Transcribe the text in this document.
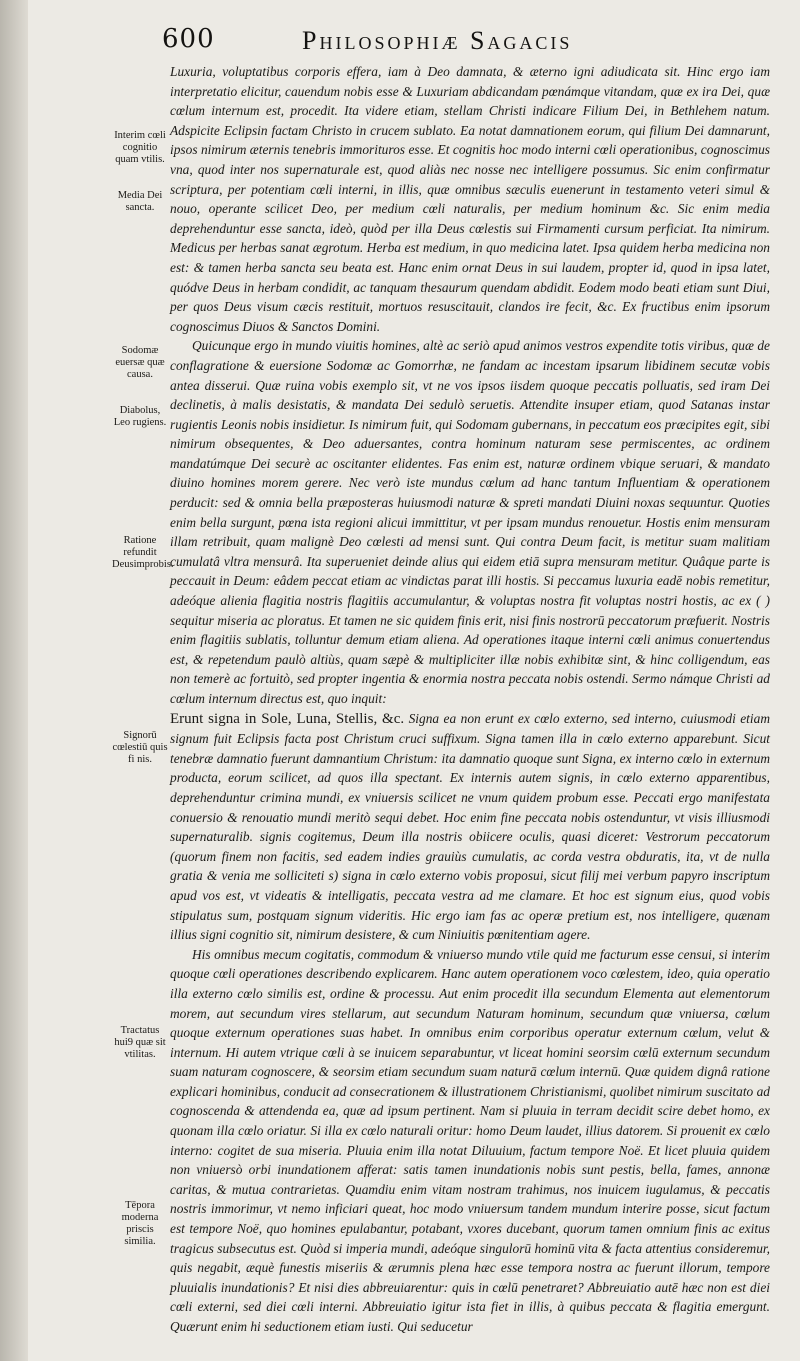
600	Philosophiæ Sagacis
Interim cœli cognitio quam vtilis.
Media Dei sancta.
Sodomæ euersæ quæ causa.
Diabolus, Leo rugiens.
Ratione refundit Deusimprobis.
Signorū cœlestiū quis fi nis.
Tractatus hui9 quæ sit vtilitas.
Tēpora moderna priscis similia.

Luxuria, voluptatibus corporis effera, iam à Deo damnata, & æterno igni adiudicata sit. Hinc ergo iam interpretatio elicitur, cauendum nobis esse & Luxuriam abdicandam pœnámque vitandam, quæ ex ira Dei, quæ cœlum internum est, procedit. Ita videre etiam, stellam Christi indicare Filium Dei, in Bethlehem natum. Adspicite Eclipsin factam Christo in crucem sublato. Ea notat damnationem eorum, qui filium Dei damnarunt, ipsos nimirum æternis tenebris immorituros esse. Et cognitis hoc modo interni cœli operationibus, cognoscimus vna, quod inter nos supernaturale est, quod aliàs nec nosse nec intelligere possumus. Sic enim confirmatur scriptura, per potentiam cœli interni, in illis, quæ omnibus sæculis euenerunt in testamento veteri simul & nouo, operante scilicet Deo, per medium cœli naturalis, per medium hominum &c. Sic enim media deprehenduntur esse sancta, ideò, quòd per illa Deus cœlestis sui Firmamenti cursum perficiat. Ita nimirum. Medicus per herbas sanat ægrotum. Herba est medium, in quo medicina latet. Ipsa quidem herba medicina non est: & tamen herba sancta seu beata est. Hanc enim ornat Deus in sui laudem, propter id, quod in ipsa latet, quódve Deus in herbam condidit, ac tanquam thesaurum quendam abdidit. Eodem modo beati etiam sunt Diui, per quos Deus visum cæcis restituit, mortuos resuscitauit, clandos ire fecit, &c. Ex fructibus enim ipsorum cognoscimus Diuos & Sanctos Domini.

Quicunque ergo in mundo viuitis homines, altè ac seriò apud animos vestros expendite totis viribus, quæ de conflagratione & euersione Sodomæ ac Gomorrhæ, ne fandam ac incestam ipsarum libidinem secutæ vobis antea disserui. Quæ ruina vobis exemplo sit, vt ne vos ipsos iisdem quoque peccatis polluatis, sed iram Dei declinetis, à malis desistatis, & mandata Dei sedulò seruetis. Attendite insuper etiam, quod Satanas instar rugientis Leonis nobis insidietur. Is nimirum fuit, qui Sodomam gubernans, in peccatum eos præcipites egit, sibi nimirum obsequentes, & Deo aduersantes, contra hominum naturam sese permiscentes, ac ordinem mandatúmque Dei securè ac oscitanter elidentes. Fas enim est, naturæ ordinem vbique seruari, & mandato diuino homines morem gerere. Nec verò iste mundus cœlum ad hanc tantum Influentiam & operationem perducit: sed & omnia bella præposteras huiusmodi naturæ & spreti mandati Diuini noxas sequuntur. Quoties enim bella surgunt, pœna ista regioni alicui immittitur, vt per ipsam mundus renouetur. Hostis enim mensuram illam retribuit, quam malignè Deo cœlesti ad mensi sunt. Qui contra Deum facit, is metitur suam malitiam cumulatâ vltra mensurâ. Ita superueniet deinde alius qui eidem etiā supra mensuram metitur. Quâque parte is peccauit in Deum: eâdem peccat etiam ac vindictas parat illi hostis. Si peccamus luxuria eadē nobis remetitur, adeóque alienia flagitia nostris flagitiis accumulantur, & voluptas nostra fit voluptas nostri hostis, ac ex ( ) sequitur miseria ac ploratus. Et tamen ne sic quidem finis erit, nisi finis nostrorū peccatorum præfuerit. Nostris enim flagitiis sublatis, tolluntur demum etiam aliena. Ad operationes itaque interni cœli animus conuertendus est, & repetendum paulò altiùs, quam sæpè & multipliciter illæ nobis exhibitæ sint, & hinc colligendum, eas non temerè ac fortuitò, sed propter ingentia & enormia nostra peccata nobis ostendi. Sermo námque Christi ad cœlum internum directus est, quo inquit:
Erunt signa in Sole, Luna, Stellis, &c. Signa ea non erunt ex cœlo externo, sed interno, cuiusmodi etiam signum fuit Eclipsis facta post Christum cruci suffixum. Signa tamen illa in cœlo externo apparebunt. Sicut tenebræ damnatio fuerunt damnantium Christum: ita damnatio quoque sunt Signa, ex interno cœlo in externum producta, eorum scilicet, ad quos illa spectant. Ex internis autem signis, in cœlo externo apparentibus, deprehenduntur crimina mundi, ex vniuersis scilicet ne vnum quidem probum esse. Peccati ergo manifestata conuersio & renouatio mundi meritò sequi debet. Hoc enim fine peccata nobis ostenduntur, vt visis illiusmodi supernaturalib. signis cogitemus, Deum illa nostris obiicere oculis, quasi diceret: Vestrorum peccatorum (quorum finem non facitis, sed eadem indies grauiùs cumulatis, ac corda vestra obduratis, ita, vt de nulla gratia & venia me solliciteti s) signa in cœlo externo vobis proposui, sicut filij mei verbum papyro inscriptum apud vos est, vt videatis & intelligatis, peccata vestra ad me clamare. Et hoc est signum eius, quod vobis stipulatus sum, postquam signum videritis. Hic ergo iam fas ac operæ pretium est, nos intelligere, quænam illius signi cognitio sit, nimirum desistere, & cum Niniuitis pœnitentiam agere.

His omnibus mecum cogitatis, commodum & vniuerso mundo vtile quid me facturum esse censui, si interim quoque cœli operationes describendo explicarem. Hanc autem operationem voco cœlestem, ideo, quia operatio illa externo cœlo similis est, ordine & processu. Aut enim procedit illa secundum Elementa aut elementorum morem, aut secundum vires stellarum, aut secundum Naturam hominum, secundum quæ vniuersa, cœlum quoque externum operationes suas habet. In omnibus enim corporibus operatur externum cœlum, velut & internum. Hi autem vtrique cœli à se inuicem separabuntur, vt liceat homini seorsim cœlū externum secundum suam naturam cognoscere, & seorsim etiam secundum suam naturā cœlum internū. Quæ quidem dignâ ratione explicari hominibus, conducit ad consecrationem & illustrationem Christianismi, quolibet nimirum suscitato ad cognoscenda & attendenda ea, quæ ad ipsum pertinent. Nam si pluuia in terram decidit scire debet homo, ex quonam illa cœlo oriatur. Si illa ex cœlo naturali oritur: homo Deum laudet, illius datorem. Si prouenit ex cœlo interno: cogitet de sua miseria. Pluuia enim illa notat Diluuium, factum tempore Noë. Et licet pluuia quidem non vniuersò orbi inundationem afferat: satis tamen inundationis nobis sunt pestis, bella, fames, annonæ caritas, & mutua contrarietas. Quamdiu enim vitam nostram trahimus, nos inuicem iugulamus, & peccatis nostris immorimur, vt nemo inficiari queat, hoc modo vniuersum tandem mundum interire posse, sicut factum est tempore Noë, quo homines epulabantur, potabant, vxores ducebant, quorum tamen omnium finis ac exitus tragicus subsecutus est. Quòd si imperia mundi, adeóque singulorū hominū vita & facta attentius consideremur, quis negabit, æquè funestis miseriis & ærumnis plena hæc esse tempora nostra ac fuerunt illorum, tempore pluuialis inundationis? Et nisi dies abbreuiarentur: quis in cœlū penetraret? Abbreuiatio autē hæc non est diei cœli externi, sed diei cœli interni. Abbreuiatio igitur ista fiet in illis, à quibus peccata & flagitia emergunt. Quærunt enim hi seductionem etiam iusti. Qui seducetur
